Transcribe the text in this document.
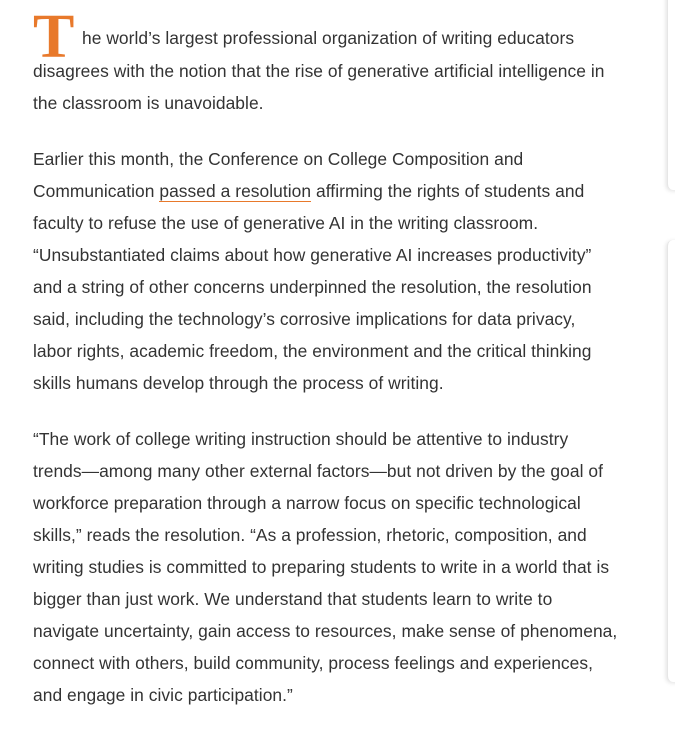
T he world’s largest professional organization of writing educators
disagrees with the notion that the rise of generative artificial intelligence in
the classroom is unavoidable.

Earlier this month, the Conference on College Composition and
Communication passed a resolution affirming the rights of students and
faculty to refuse the use of generative AI in the writing classroom.
“Unsubstantiated claims about how generative AI increases productivity”
and a string of other concerns underpinned the resolution, the resolution
said, including the technology’s corrosive implications for data privacy,
labor rights, academic freedom, the environment and the critical thinking
skills humans develop through the process of writing.

“The work of college writing instruction should be attentive to industry
trends—among many other external factors—but not driven by the goal of
workforce preparation through a narrow focus on specific technological
skills,” reads the resolution. “As a profession, rhetoric, composition, and
writing studies is committed to preparing students to write in a world that is
bigger than just work. We understand that students learn to write to
navigate uncertainty, gain access to resources, make sense of phenomena,
connect with others, build community, process feelings and experiences,
and engage in civic participation.”
